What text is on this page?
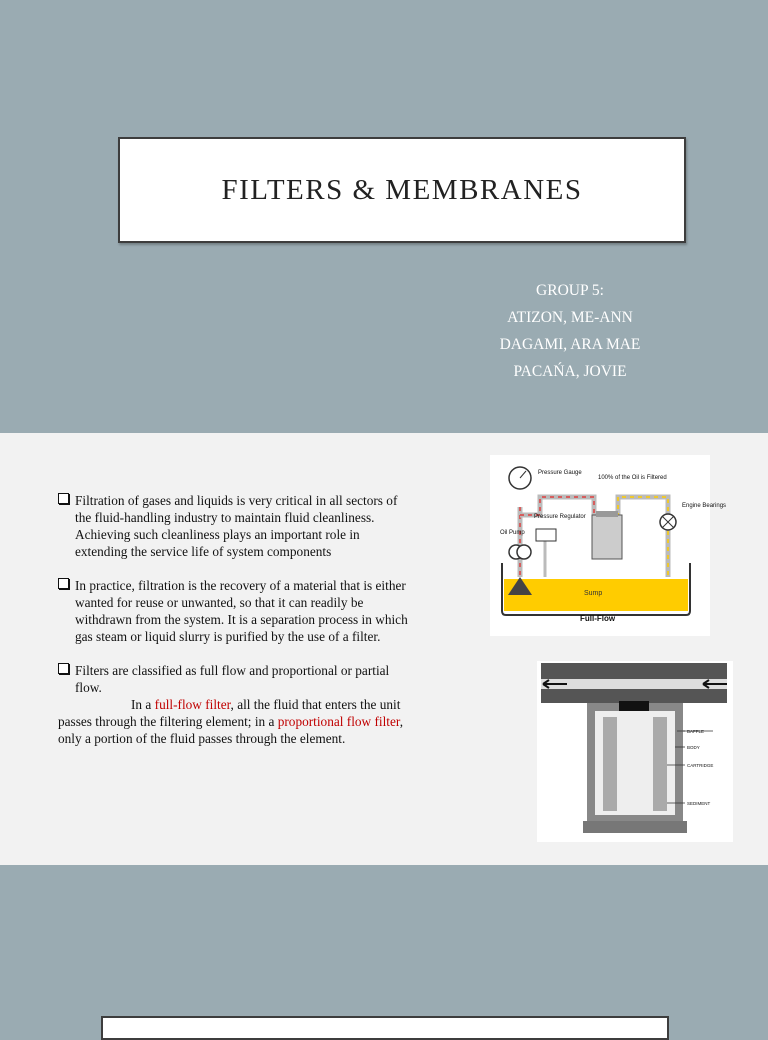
FILTERS & MEMBRANES
GROUP 5:
ATIZON, ME-ANN
DAGAMI, ARA MAE
PACAŃA, JOVIE
Filtration of gases and liquids is very critical in all sectors of the fluid-handling industry to maintain fluid cleanliness. Achieving such cleanliness plays an important role in extending the service life of system components
In practice, filtration is the recovery of a material that is either wanted for reuse or unwanted, so that it can readily be withdrawn from the system. It is a separation process in which gas steam or liquid slurry is purified by the use of a filter.
Filters are classified as full flow and proportional or partial flow.
In a full-flow filter, all the fluid that enters the unit passes through the filtering element; in a proportional flow filter, only a portion of the fluid passes through the element.
Sump
Full-Flow
Pressure Gauge
100% of the Oil is Filtered
Pressure Regulator
Oil Pump
Engine Bearings
BAFFLE
BODY
CARTRIDGE
SEDIMENT
